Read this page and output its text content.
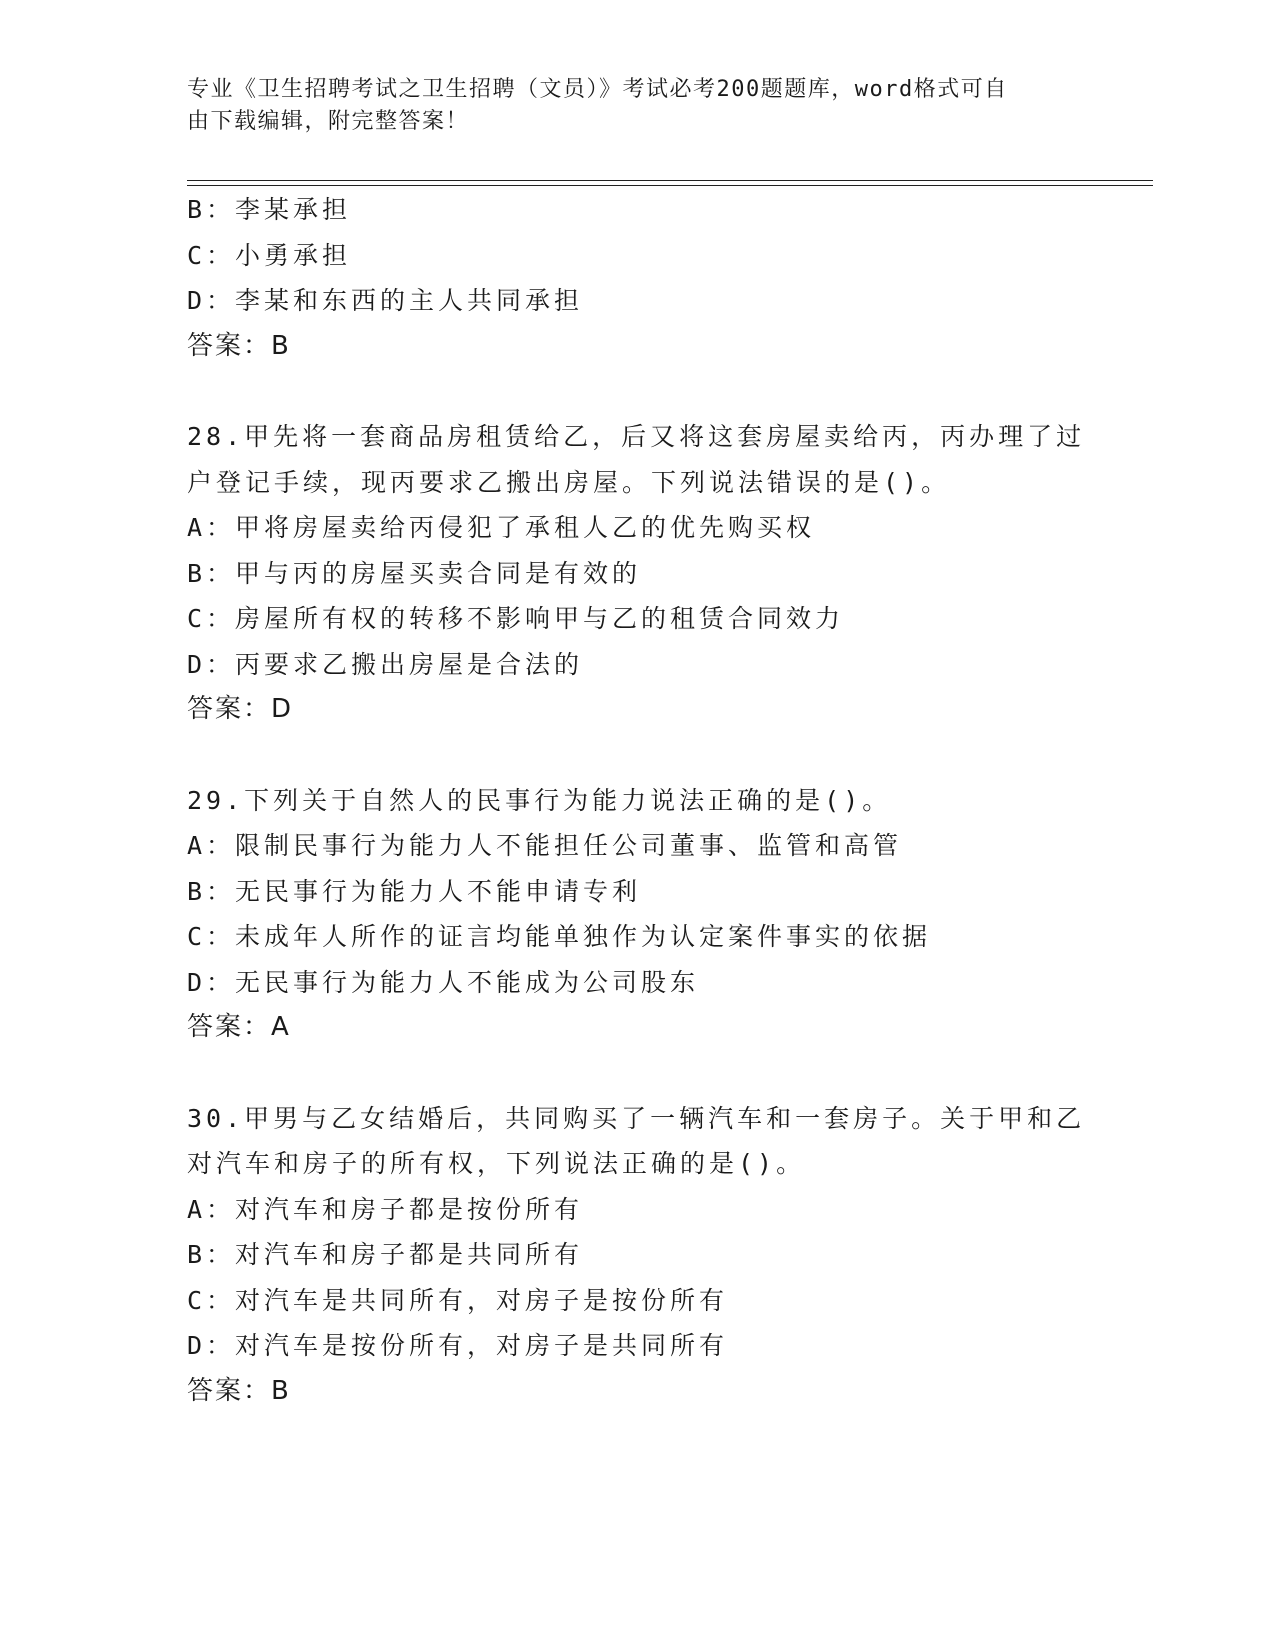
专业《卫生招聘考试之卫生招聘（文员）》考试必考200题题库，word格式可自
由下载编辑，附完整答案！
B：李某承担
C：小勇承担
D：李某和东西的主人共同承担
答案：B
28.甲先将一套商品房租赁给乙，后又将这套房屋卖给丙，丙办理了过
户登记手续，现丙要求乙搬出房屋。下列说法错误的是()。
A：甲将房屋卖给丙侵犯了承租人乙的优先购买权
B：甲与丙的房屋买卖合同是有效的
C：房屋所有权的转移不影响甲与乙的租赁合同效力
D：丙要求乙搬出房屋是合法的
答案：D
29.下列关于自然人的民事行为能力说法正确的是()。
A：限制民事行为能力人不能担任公司董事、监管和高管
B：无民事行为能力人不能申请专利
C：未成年人所作的证言均能单独作为认定案件事实的依据
D：无民事行为能力人不能成为公司股东
答案：A
30.甲男与乙女结婚后，共同购买了一辆汽车和一套房子。关于甲和乙
对汽车和房子的所有权，下列说法正确的是()。
A：对汽车和房子都是按份所有
B：对汽车和房子都是共同所有
C：对汽车是共同所有，对房子是按份所有
D：对汽车是按份所有，对房子是共同所有
答案：B
